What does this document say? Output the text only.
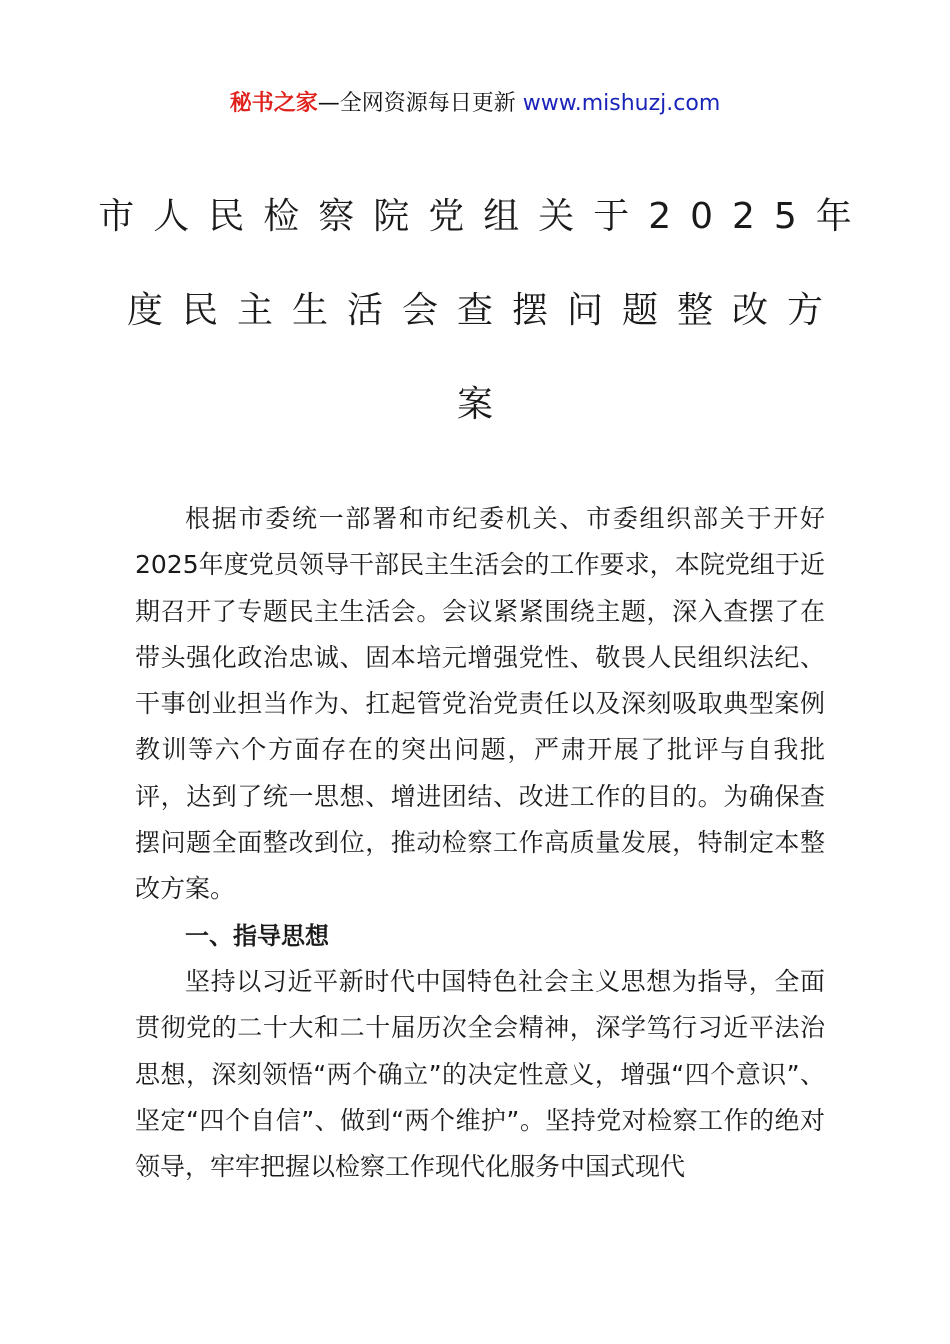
秘书之家—全网资源每日更新 www.mishuzj.com
市人民检察院党组关于2025年
度民主生活会查摆问题整改方
案

根据市委统一部署和市纪委机关、市委组织部关于开好2025年度党员领导干部民主生活会的工作要求，本院党组于近期召开了专题民主生活会。会议紧紧围绕主题，深入查摆了在带头强化政治忠诚、固本培元增强党性、敬畏人民组织法纪、干事创业担当作为、扛起管党治党责任以及深刻吸取典型案例教训等六个方面存在的突出问题，严肃开展了批评与自我批评，达到了统一思想、增进团结、改进工作的目的。为确保查摆问题全面整改到位，推动检察工作高质量发展，特制定本整改方案。

一、指导思想

坚持以习近平新时代中国特色社会主义思想为指导，全面贯彻党的二十大和二十届历次全会精神，深学笃行习近平法治思想，深刻领悟“两个确立”的决定性意义，增强“四个意识”、坚定“四个自信”、做到“两个维护”。坚持党对检察工作的绝对领导，牢牢把握以检察工作现代化服务中国式现代
